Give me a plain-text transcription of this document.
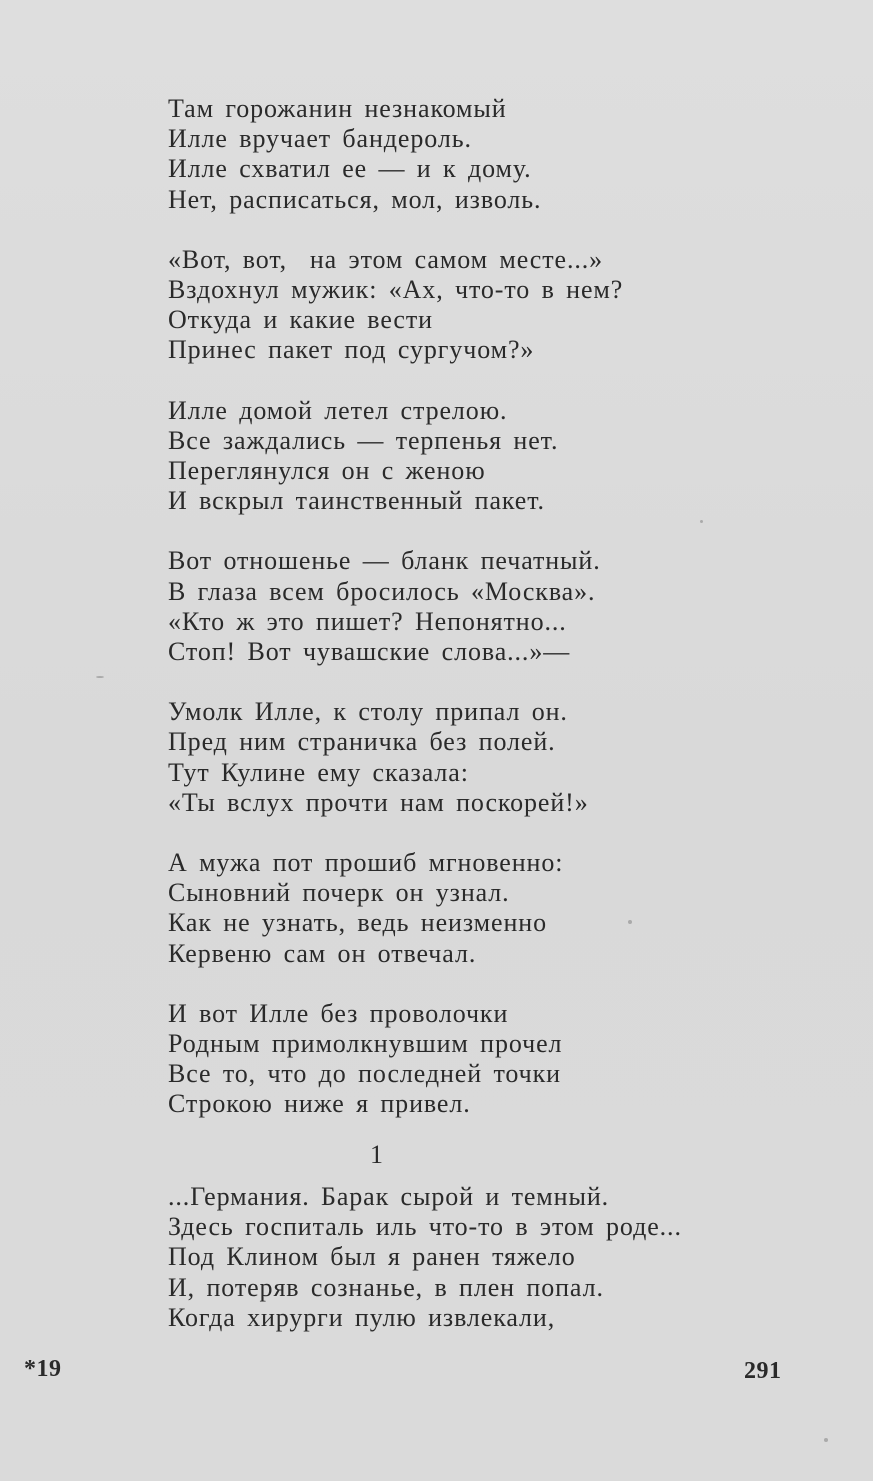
Там горожанин незнакомый
Илле вручает бандероль.
Илле схватил ее — и к дому.
Нет, расписаться, мол, изволь.
«Вот, вот,  на этом самом месте...»
Вздохнул мужик: «Ах, что-то в нем?
Откуда и какие вести
Принес пакет под сургучом?»
Илле домой летел стрелою.
Все заждались — терпенья нет.
Переглянулся он с женою
И вскрыл таинственный пакет.
Вот отношенье — бланк печатный.
В глаза всем бросилось «Москва».
«Кто ж это пишет? Непонятно...
Стоп! Вот чувашские слова...»—
Умолк Илле, к столу припал он.
Пред ним страничка без полей.
Тут Кулине ему сказала:
«Ты вслух прочти нам поскорей!»
А мужа пот прошиб мгновенно:
Сыновний почерк он узнал.
Как не узнать, ведь неизменно
Кервеню сам он отвечал.
И вот Илле без проволочки
Родным примолкнувшим прочел
Все то, что до последней точки
Строкою ниже я привел.
1
...Германия. Барак сырой и темный.
Здесь госпиталь иль что-то в этом роде...
Под Клином был я ранен тяжело
И, потеряв сознанье, в плен попал.
Когда хирурги пулю извлекали,
*19	291
